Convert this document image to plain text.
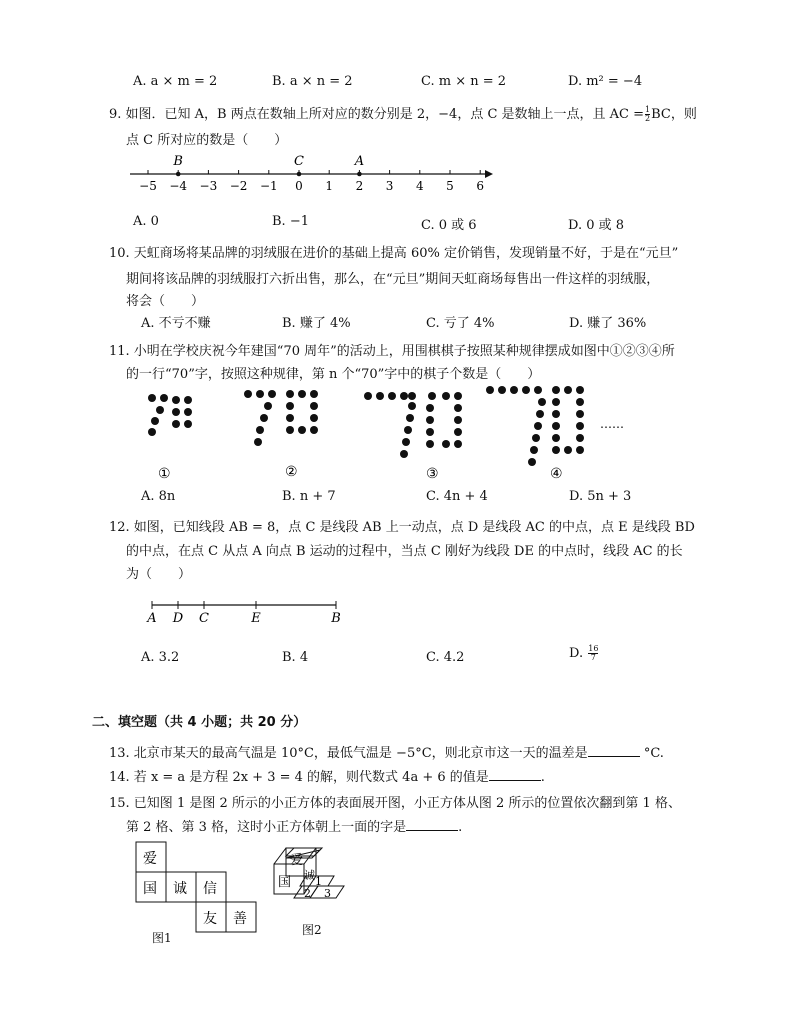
A. a × m = 2	B. a × n = 2	C. m × n = 2	D. m² = −4
9. 如图．已知 A，B 两点在数轴上所对应的数分别是 2，−4，点 C 是数轴上一点，且 AC = $\frac{1}{2}$ BC，则
点 C 所对应的数是（　　）
−5 −4 −3 −2 −1 0 1 2 3 4 5 6
B	C	A
A. 0	B. −1	C. 0 或 6	D. 0 或 8
10. 天虹商场将某品牌的羽绒服在进价的基础上提高 60% 定价销售，发现销量不好，于是在“元旦”
期间将该品牌的羽绒服打六折出售，那么，在“元旦”期间天虹商场每售出一件这样的羽绒服，
将会（　　）
A. 不亏不赚	B. 赚了 4%	C. 亏了 4%	D. 赚了 36%
11. 小明在学校庆祝今年建国“70 周年”的活动上，用围棋棋子按照某种规律摆成如图中①②③④所
的一行“70”字，按照这种规律，第 n 个“70”字中的棋子个数是（　　）
①	②	③	④
……
A. 8n	B. n + 7	C. 4n + 4	D. 5n + 3
12. 如图，已知线段 AB = 8，点 C 是线段 AB 上一动点，点 D 是线段 AC 的中点，点 E 是线段 BD
的中点，在点 C 从点 A 向点 B 运动的过程中，当点 C 刚好为线段 DE 的中点时，线段 AC 的长
为（　　）
A D C	E	B
A. 3.2	B. 4	C. 4.2	D. $\frac{16}{7}$
二、填空题（共 4 小题；共 20 分）
13. 北京市某天的最高气温是 10°C，最低气温是 −5°C，则北京市这一天的温差是	°C.
14. 若 x = a 是方程 2x + 3 = 4 的解，则代数式 4a + 6 的值是	.
15. 已知图 1 是图 2 所示的小正方体的表面展开图，小正方体从图 2 所示的位置依次翻到第 1 格、
第 2 格、第 3 格，这时小正方体朝上一面的字是	.
爱
国 诚 信
友 善
图1
爱
国 诚 1
2 3
图2
